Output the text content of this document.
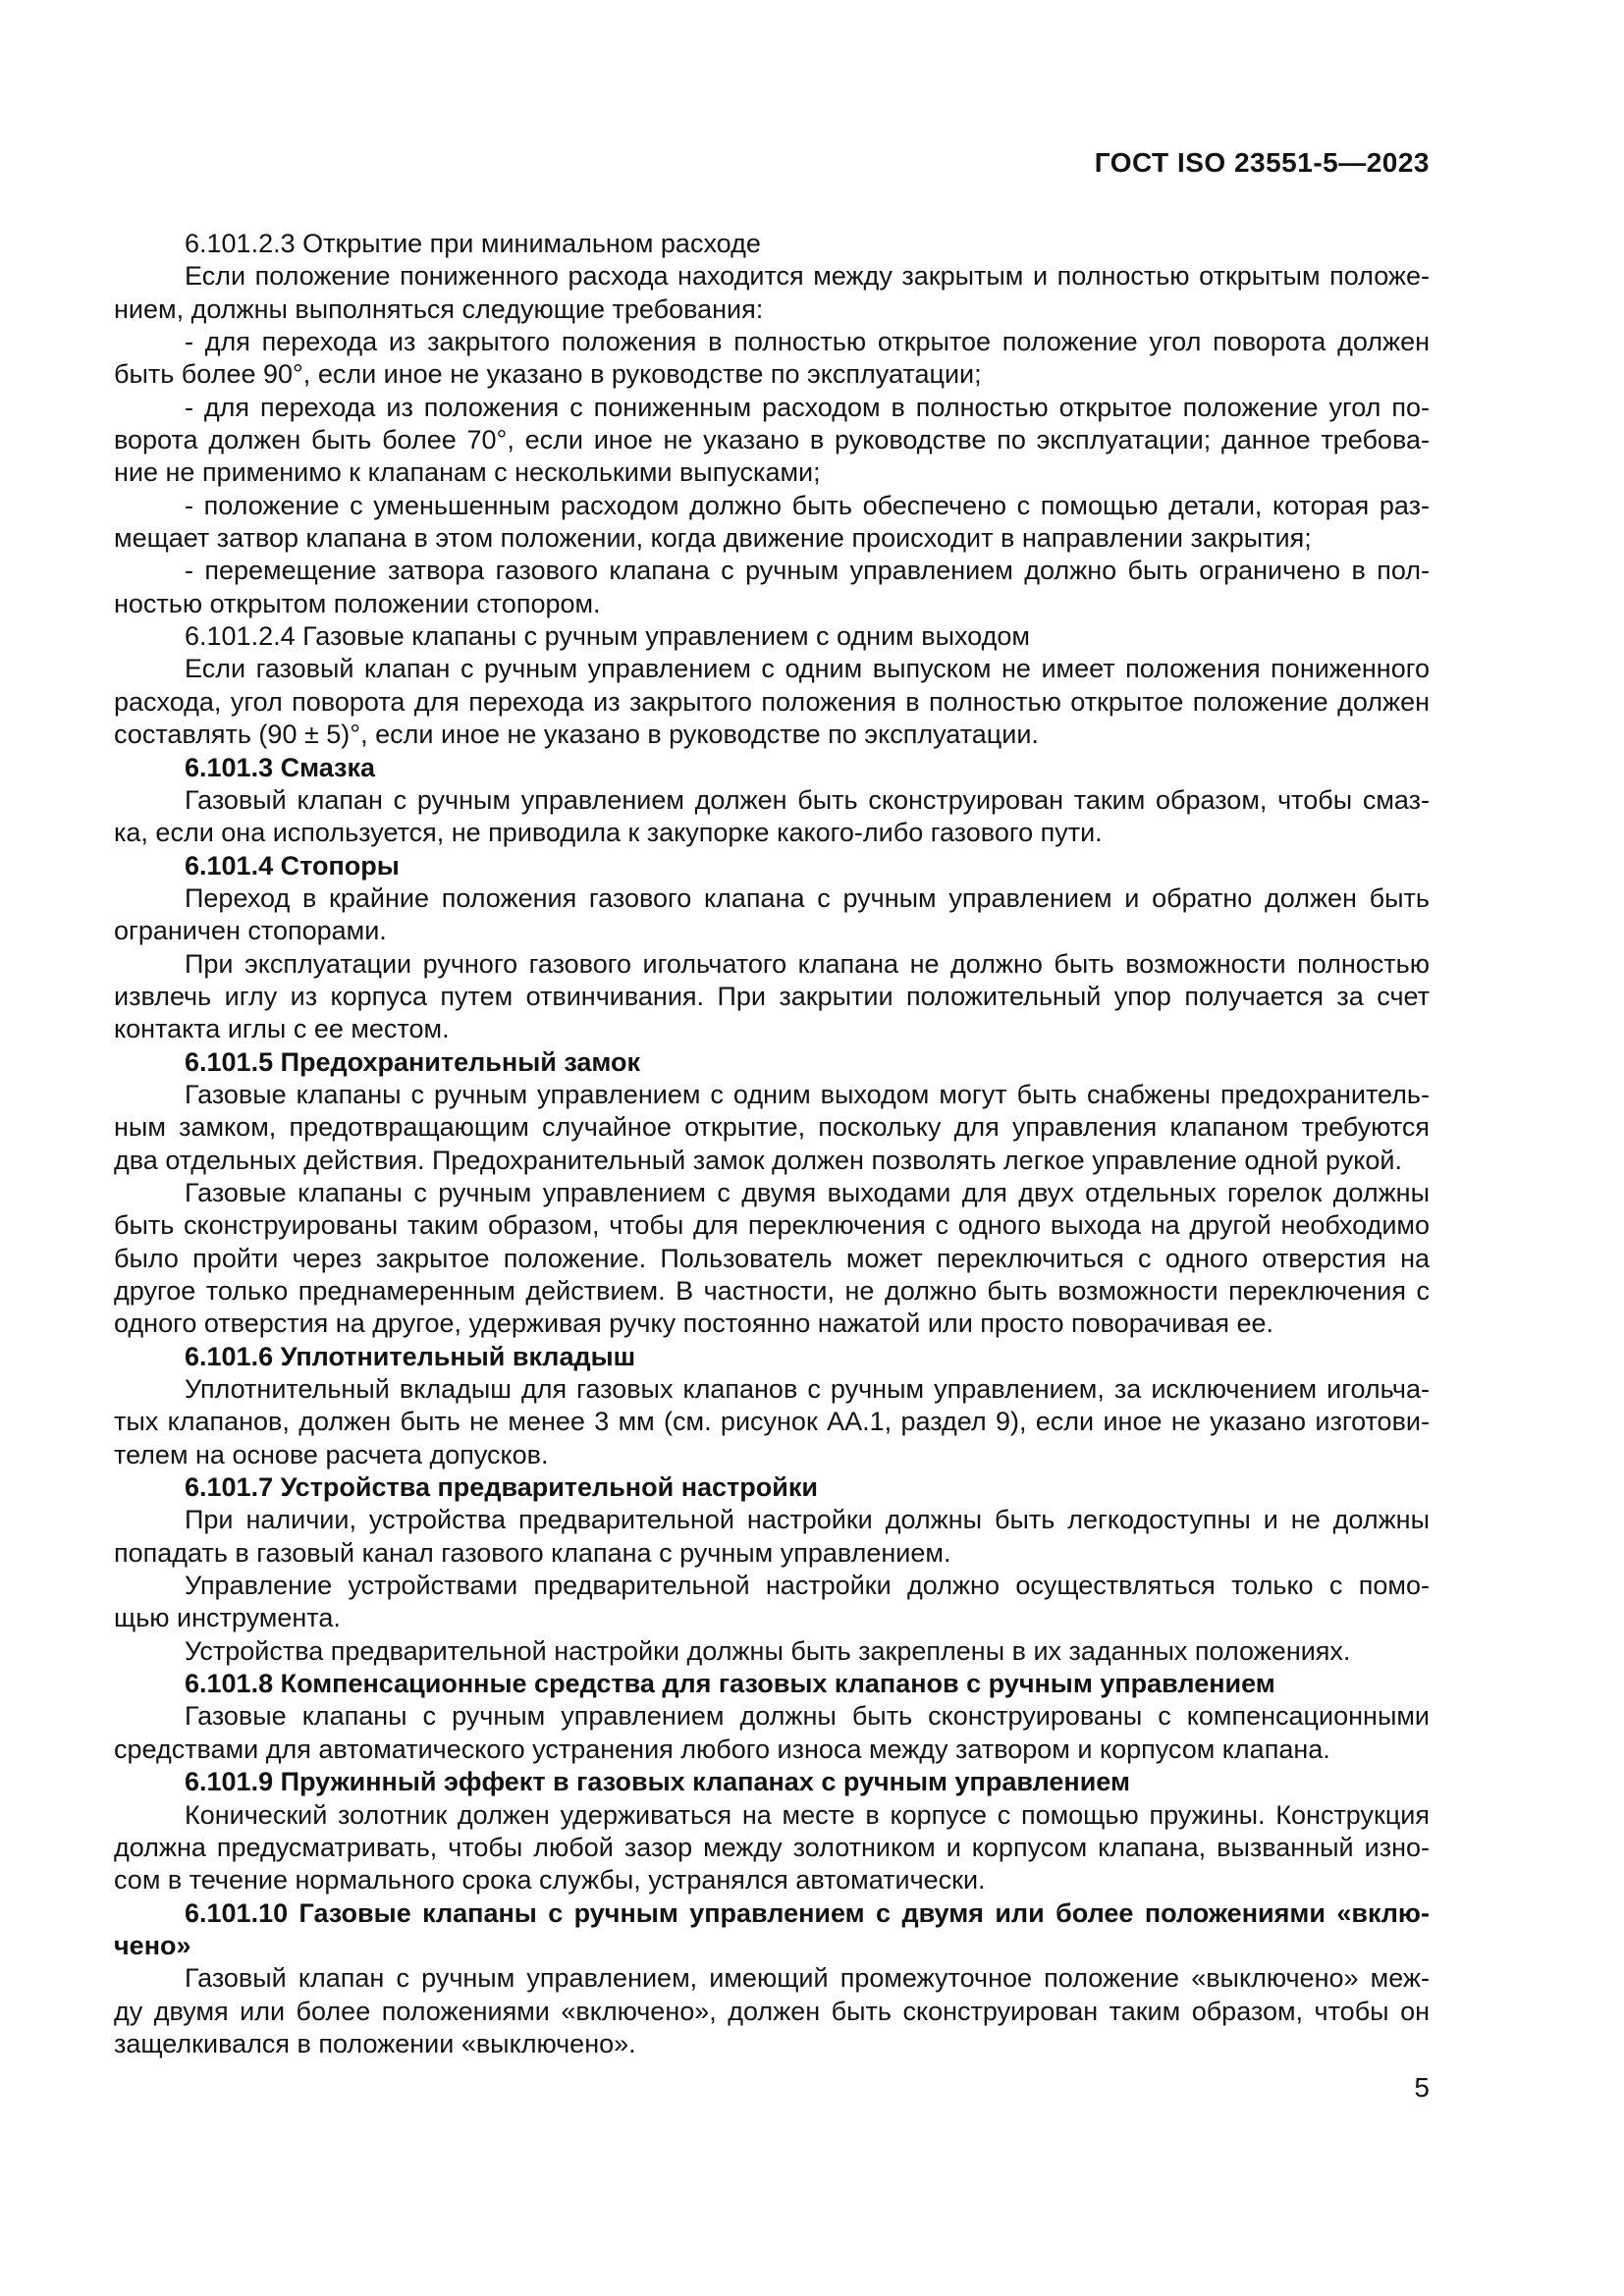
ГОСТ ISO 23551-5—2023
6.101.2.3 Открытие при минимальном расходе
Если положение пониженного расхода находится между закрытым и полностью открытым положе-
нием, должны выполняться следующие требования:
- для перехода из закрытого положения в полностью открытое положение угол поворота должен
быть более 90°, если иное не указано в руководстве по эксплуатации;
- для перехода из положения с пониженным расходом в полностью открытое положение угол по-
ворота должен быть более 70°, если иное не указано в руководстве по эксплуатации; данное требова-
ние не применимо к клапанам с несколькими выпусками;
- положение с уменьшенным расходом должно быть обеспечено с помощью детали, которая раз-
мещает затвор клапана в этом положении, когда движение происходит в направлении закрытия;
- перемещение затвора газового клапана с ручным управлением должно быть ограничено в пол-
ностью открытом положении стопором.
6.101.2.4 Газовые клапаны с ручным управлением с одним выходом
Если газовый клапан с ручным управлением с одним выпуском не имеет положения пониженного
расхода, угол поворота для перехода из закрытого положения в полностью открытое положение должен
составлять (90 ± 5)°, если иное не указано в руководстве по эксплуатации.
6.101.3 Смазка
Газовый клапан с ручным управлением должен быть сконструирован таким образом, чтобы смаз-
ка, если она используется, не приводила к закупорке какого-либо газового пути.
6.101.4 Стопоры
Переход в крайние положения газового клапана с ручным управлением и обратно должен быть
ограничен стопорами.
При эксплуатации ручного газового игольчатого клапана не должно быть возможности полностью
извлечь иглу из корпуса путем отвинчивания. При закрытии положительный упор получается за счет
контакта иглы с ее местом.
6.101.5 Предохранительный замок
Газовые клапаны с ручным управлением с одним выходом могут быть снабжены предохранитель-
ным замком, предотвращающим случайное открытие, поскольку для управления клапаном требуются
два отдельных действия. Предохранительный замок должен позволять легкое управление одной рукой.
Газовые клапаны с ручным управлением с двумя выходами для двух отдельных горелок должны
быть сконструированы таким образом, чтобы для переключения с одного выхода на другой необходимо
было пройти через закрытое положение. Пользователь может переключиться с одного отверстия на
другое только преднамеренным действием. В частности, не должно быть возможности переключения с
одного отверстия на другое, удерживая ручку постоянно нажатой или просто поворачивая ее.
6.101.6 Уплотнительный вкладыш
Уплотнительный вкладыш для газовых клапанов с ручным управлением, за исключением игольча-
тых клапанов, должен быть не менее 3 мм (см. рисунок АА.1, раздел 9), если иное не указано изготови-
телем на основе расчета допусков.
6.101.7 Устройства предварительной настройки
При наличии, устройства предварительной настройки должны быть легкодоступны и не должны
попадать в газовый канал газового клапана с ручным управлением.
Управление устройствами предварительной настройки должно осуществляться только с помо-
щью инструмента.
Устройства предварительной настройки должны быть закреплены в их заданных положениях.
6.101.8 Компенсационные средства для газовых клапанов с ручным управлением
Газовые клапаны с ручным управлением должны быть сконструированы с компенсационными
средствами для автоматического устранения любого износа между затвором и корпусом клапана.
6.101.9 Пружинный эффект в газовых клапанах с ручным управлением
Конический золотник должен удерживаться на месте в корпусе с помощью пружины. Конструкция
должна предусматривать, чтобы любой зазор между золотником и корпусом клапана, вызванный изно-
сом в течение нормального срока службы, устранялся автоматически.
6.101.10 Газовые клапаны с ручным управлением с двумя или более положениями «вклю-
чено»
Газовый клапан с ручным управлением, имеющий промежуточное положение «выключено» меж-
ду двумя или более положениями «включено», должен быть сконструирован таким образом, чтобы он
защелкивался в положении «выключено».
5
